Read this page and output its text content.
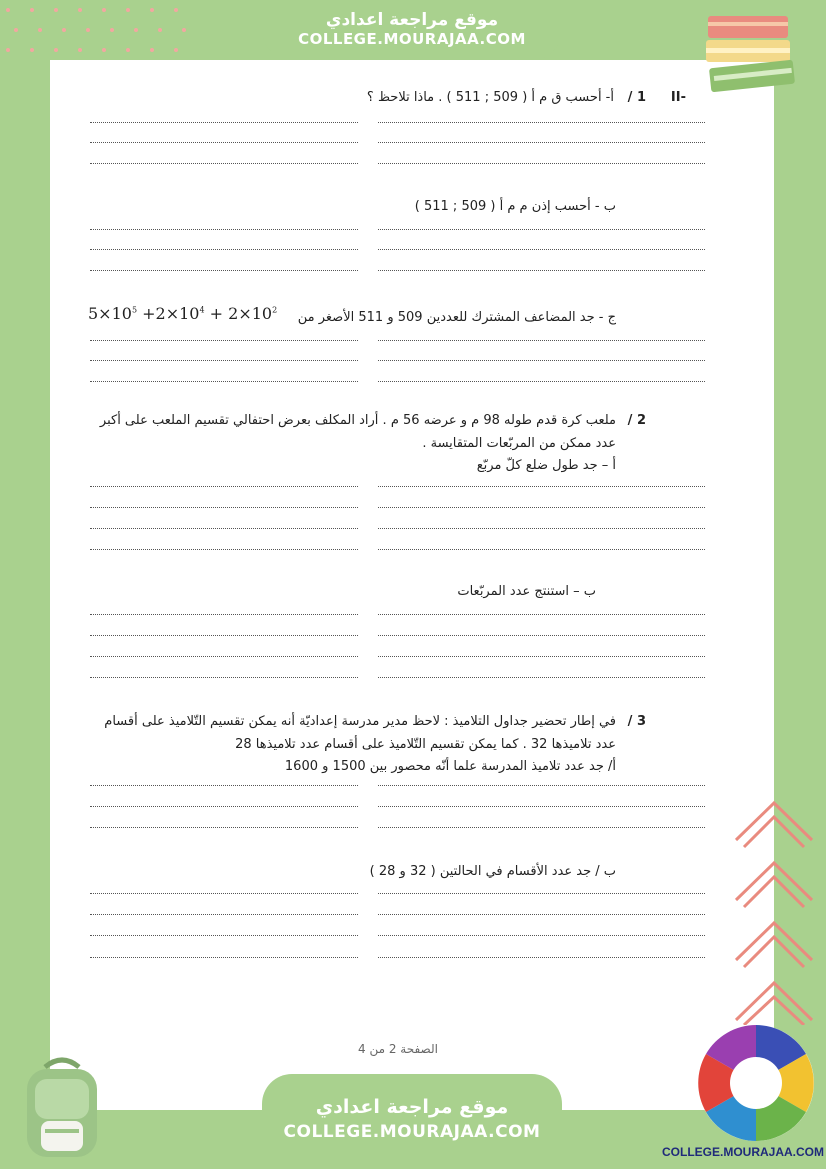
موقع مراجعة اعدادي
COLLEGE.MOURAJAA.COM
COLLEGE.MOURAJAA.COM
موقع مراجعة اعدادي
COLLEGE.MOURAJAA.COM
-II
1 /
أ- أحسب ق م أ ( 509 ; 511 ) . ماذا تلاحظ ؟
ب - أحسب إذن م م أ ( 509 ; 511 )
ج - جد المضاعف المشترك للعددين 509 و 511 الأصغر من
$5\times 10^5 +2\times 10^4 + 2\times 10^2$
2 /
ملعب كرة قدم طوله 98 م و عرضه 56 م . أراد المكلف بعرض احتفالي تقسيم الملعب على أكبر
عدد ممكن من المربّعات المتقايسة .
أ – جد طول ضلع كلّ مربّع
ب – استنتج عدد المربّعات
3 /
في إطار تحضير جداول التلاميذ : لاحظ مدير مدرسة إعداديّة أنه يمكن تقسيم التّلاميذ على أقسام
عدد تلاميذها 32 . كما يمكن تقسيم التّلاميذ على أقسام عدد تلاميذها 28
أ/ جد عدد تلاميذ المدرسة علما أنّه محصور بين 1500 و 1600
ب / جد عدد الأقسام في الحالتين ( 32 و 28 )
الصفحة 2 من 4
